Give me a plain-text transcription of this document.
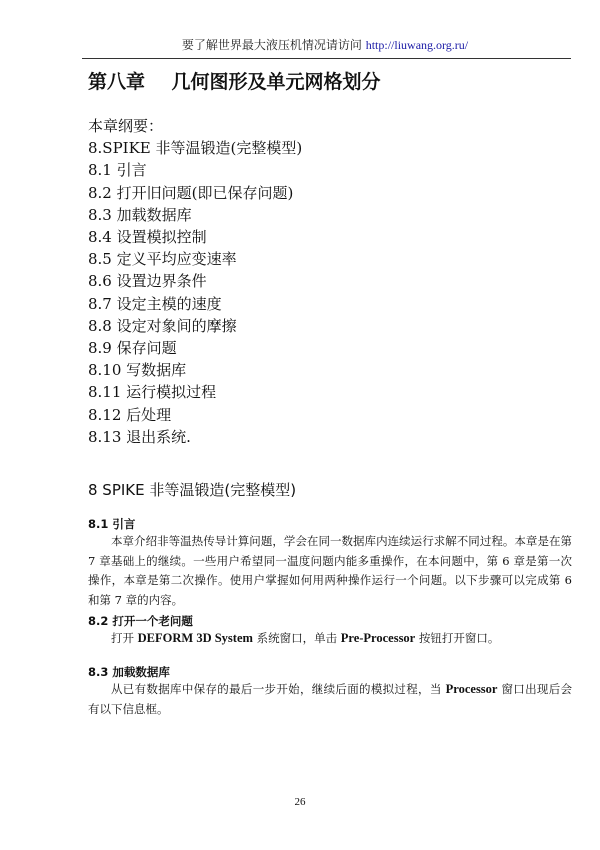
要了解世界最大液压机情况请访问 http://liuwang.org.ru/
第八章 几何图形及单元网格划分
本章纲要：
8.SPIKE 非等温锻造(完整模型)
8.1 引言
8.2 打开旧问题(即已保存问题)
8.3 加载数据库
8.4 设置模拟控制
8.5 定义平均应变速率
8.6 设置边界条件
8.7 设定主模的速度
8.8 设定对象间的摩擦
8.9 保存问题
8.10 写数据库
8.11 运行模拟过程
8.12 后处理
8.13 退出系统.
8 SPIKE 非等温锻造(完整模型)
8.1 引言
本章介绍非等温热传导计算问题，学会在同一数据库内连续运行求解不同过程。本章是在第 7 章基础上的继续。一些用户希望同一温度问题内能多重操作，在本问题中，第 6 章是第一次操作，本章是第二次操作。使用户掌握如何用两种操作运行一个问题。以下步骤可以完成第 6 和第 7 章的内容。
8.2 打开一个老问题
打开 DEFORM 3D System 系统窗口，单击 Pre-Processor 按钮打开窗口。
8.3 加载数据库
从已有数据库中保存的最后一步开始，继续后面的模拟过程，当 Processor 窗口出现后会有以下信息框。
26
